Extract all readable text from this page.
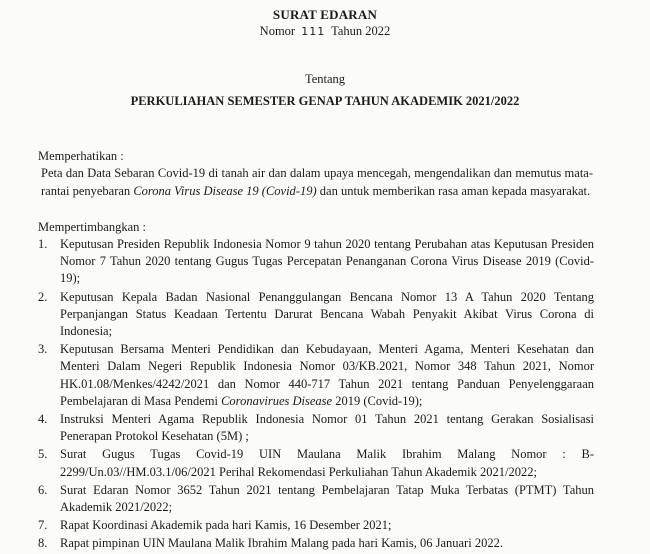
SURAT EDARAN
Nomor 111 Tahun 2022
Tentang
PERKULIAHAN SEMESTER GENAP TAHUN AKADEMIK 2021/2022
Memperhatikan :
Peta dan Data Sebaran Covid-19 di tanah air dan dalam upaya mencegah, mengendalikan dan memutus mata-rantai penyebaran Corona Virus Disease 19 (Covid-19) dan untuk memberikan rasa aman kepada masyarakat.
Mempertimbangkan :
1. Keputusan Presiden Republik Indonesia Nomor 9 tahun 2020 tentang Perubahan atas Keputusan Presiden Nomor 7 Tahun 2020 tentang Gugus Tugas Percepatan Penanganan Corona Virus Disease 2019 (Covid-19);
2. Keputusan Kepala Badan Nasional Penanggulangan Bencana Nomor 13 A Tahun 2020 Tentang Perpanjangan Status Keadaan Tertentu Darurat Bencana Wabah Penyakit Akibat Virus Corona di Indonesia;
3. Keputusan Bersama Menteri Pendidikan dan Kebudayaan, Menteri Agama, Menteri Kesehatan dan Menteri Dalam Negeri Republik Indonesia Nomor 03/KB.2021, Nomor 348 Tahun 2021, Nomor HK.01.08/Menkes/4242/2021 dan Nomor 440-717 Tahun 2021 tentang Panduan Penyelenggaraan Pembelajaran di Masa Pendemi Coronavirues Disease 2019 (Covid-19);
4. Instruksi Menteri Agama Republik Indonesia Nomor 01 Tahun 2021 tentang Gerakan Sosialisasi Penerapan Protokol Kesehatan (5M) ;
5. Surat Gugus Tugas Covid-19 UIN Maulana Malik Ibrahim Malang Nomor : B-2299/Un.03//HM.03.1/06/2021 Perihal Rekomendasi Perkuliahan Tahun Akademik 2021/2022;
6. Surat Edaran Nomor 3652 Tahun 2021 tentang Pembelajaran Tatap Muka Terbatas (PTMT) Tahun Akademik 2021/2022;
7. Rapat Koordinasi Akademik pada hari Kamis, 16 Desember 2021;
8. Rapat pimpinan UIN Maulana Malik Ibrahim Malang pada hari Kamis, 06 Januari 2022.
